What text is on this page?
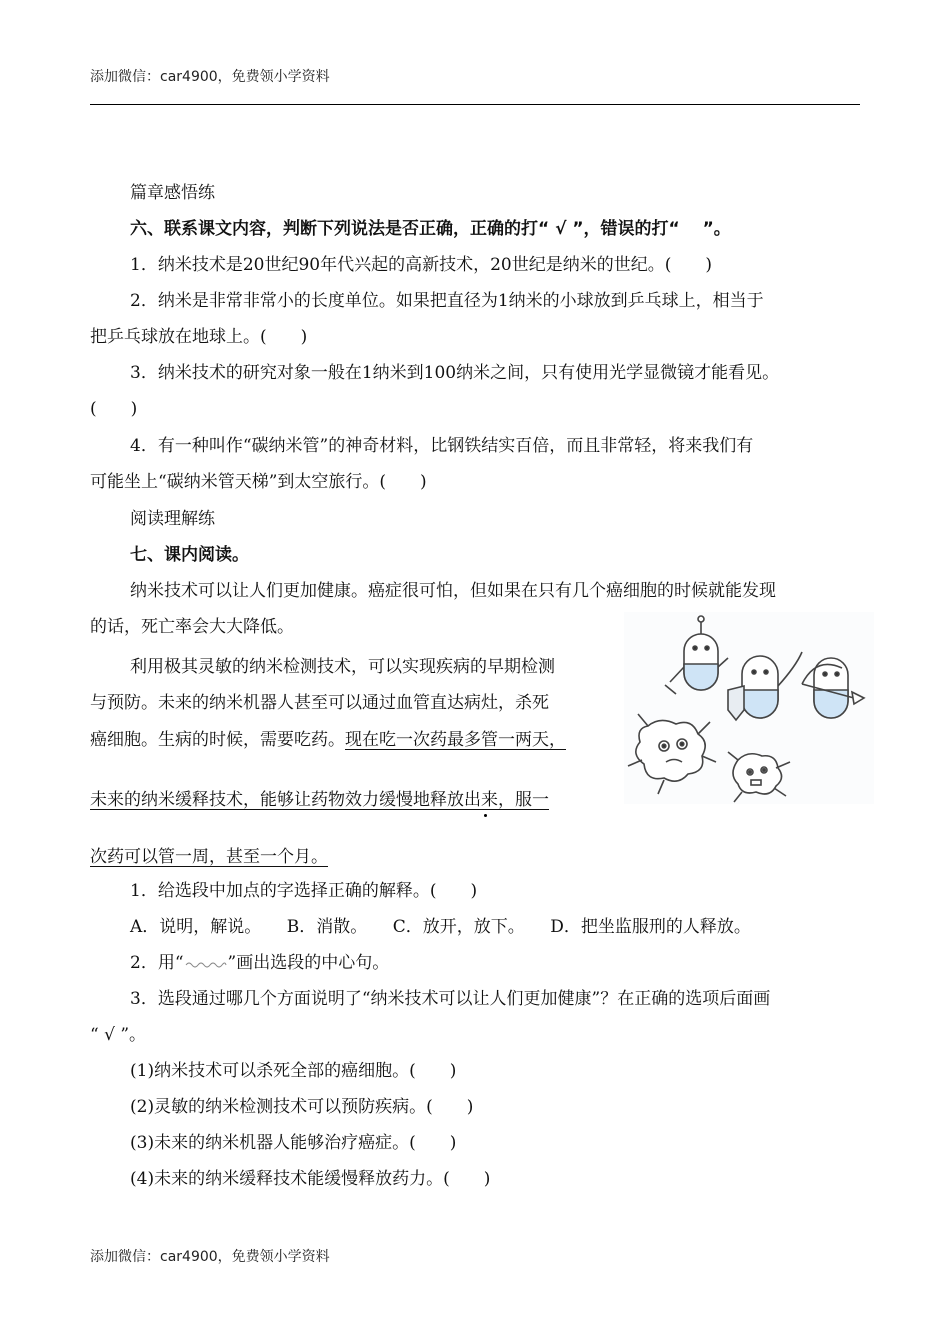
添加微信：car4900，免费领小学资料
篇章感悟练
六、联系课文内容，判断下列说法是否正确，正确的打“ √ ”，错误的打“　 ”。
1．纳米技术是20世纪90年代兴起的高新技术，20世纪是纳米的世纪。(　　)
2．纳米是非常非常小的长度单位。如果把直径为1纳米的小球放到乒乓球上，相当于
把乒乓球放在地球上。(　　)
3．纳米技术的研究对象一般在1纳米到100纳米之间，只有使用光学显微镜才能看见。
(　　)
4．有一种叫作“碳纳米管”的神奇材料，比钢铁结实百倍，而且非常轻，将来我们有
可能坐上“碳纳米管天梯”到太空旅行。(　　)
阅读理解练
七、课内阅读。
纳米技术可以让人们更加健康。癌症很可怕，但如果在只有几个癌细胞的时候就能发现
的话，死亡率会大大降低。
利用极其灵敏的纳米检测技术，可以实现疾病的早期检测
与预防。未来的纳米机器人甚至可以通过血管直达病灶，杀死
癌细胞。生病的时候，需要吃药。现在吃一次药最多管一两天，
未来的纳米缓释技术，能够让药物效力缓慢地释放出来，服一
次药可以管一周，甚至一个月。
1．给选段中加点的字选择正确的解释。(　　)
A．说明，解说。　　B．消散。　　C．放开，放下。　　D．把坐监服刑的人释放。
2．用“	”画出选段的中心句。
3．选段通过哪几个方面说明了“纳米技术可以让人们更加健康”？在正确的选项后面画
“ √ ”。
(1)纳米技术可以杀死全部的癌细胞。(　　)
(2)灵敏的纳米检测技术可以预防疾病。(　　)
(3)未来的纳米机器人能够治疗癌症。(　　)
(4)未来的纳米缓释技术能缓慢释放药力。(　　)
添加微信：car4900，免费领小学资料
